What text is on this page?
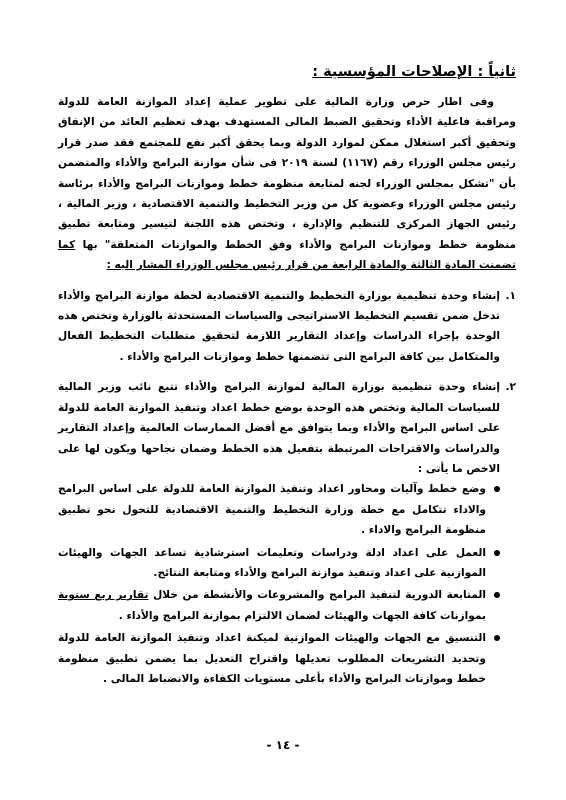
ثانياً : الإصلاحات المؤسسية :

وفى اطار حرص وزارة المالية على تطوير عملية إعداد الموازنة العامة للدولة ومراقبة فاعلية الأداء وتحقيق الضبط المالى المستهدف بهدف تعظيم العائد من الإنفاق وتحقيق أكبر استغلال ممكن لموارد الدولة وبما يحقق أكبر نفع للمجتمع فقد صدر قرار رئيس مجلس الوزراء رقم (١١٦٧) لسنة ٢٠١٩ فى شأن موازنة البرامج والأداء والمتضمن بأن "تشكل بمجلس الوزراء لجنه لمتابعة منظومة خطط وموازنات البرامج والأداء برئاسة رئيس مجلس الوزراء وعضوية كل من وزير التخطيط والتنمية الاقتصادية ، وزير المالية ، رئيس الجهاز المركزى للتنظيم والإدارة ، وتختص هذه اللجنة لتيسير ومتابعة تطبيق منظومة خطط وموازنات البرامج والأداء وفق الخطط والموازنات المتعلقة" بها كما تضمنت المادة الثالثة والمادة الرابعة من قرار رئيس مجلس الوزراء المشار اليه :

١.
إنشاء وحدة تنظيمية بوزارة التخطيط والتنمية الاقتصادية لخطة موازنة البرامج والأداء تدخل ضمن تقسيم التخطيط الاستراتيجى والسياسات المستحدثة بالوزارة وتختص هذه الوحدة بإجراء الدراسات وإعداد التقارير اللازمة لتحقيق متطلبات التخطيط الفعال والمتكامل بين كافة البرامج التى تتضمنها خطط وموازنات البرامج والأداء .
٢.
إنشاء وحدة تنظيمية بوزارة المالية لموازنة البرامج والأداء تتبع نائب وزير المالية للسياسات المالية وتختص هذه الوحدة بوضع خطط اعداد وتنفيذ الموازنة العامة للدولة على اساس البرامج والأداء وبما يتوافق مع أفضل الممارسات العالمية وإعداد التقارير والدراسات والاقتراحات المرتبطة بتفعيل هذه الخطط وضمان نجاحها ويكون لها على الاخص ما يأتى :
وضع خطط وآليات ومحاور اعداد وتنفيذ الموازنة العامة للدولة على اساس البرامج والاداء تتكامل مع خطة وزارة التخطيط والتنمية الاقتصادية للتحول نحو تطبيق منظومة البرامج والاداء .
العمل على اعداد ادلة ودراسات وتعليمات استرشادية تساعد الجهات والهيئات الموازنية على اعداد وتنفيذ موازنة البرامج والأداء ومتابعة النتائج.
المتابعة الدورية لتنفيذ البرامج والمشروعات والأنشطة من خلال تقارير ربع سنوية بموازنات كافة الجهات والهيئات لضمان الالتزام بموازنة البرامج والأداء .
التنسيق مع الجهات والهيئات الموازنية لميكنة اعداد وتنفيذ الموازنة العامة للدولة وتحديد التشريعات المطلوب تعديلها واقتراح التعديل بما يضمن تطبيق منظومة خطط وموازنات البرامج والأداء بأعلى مستويات الكفاءة والانضباط المالى .
- ١٤ -
